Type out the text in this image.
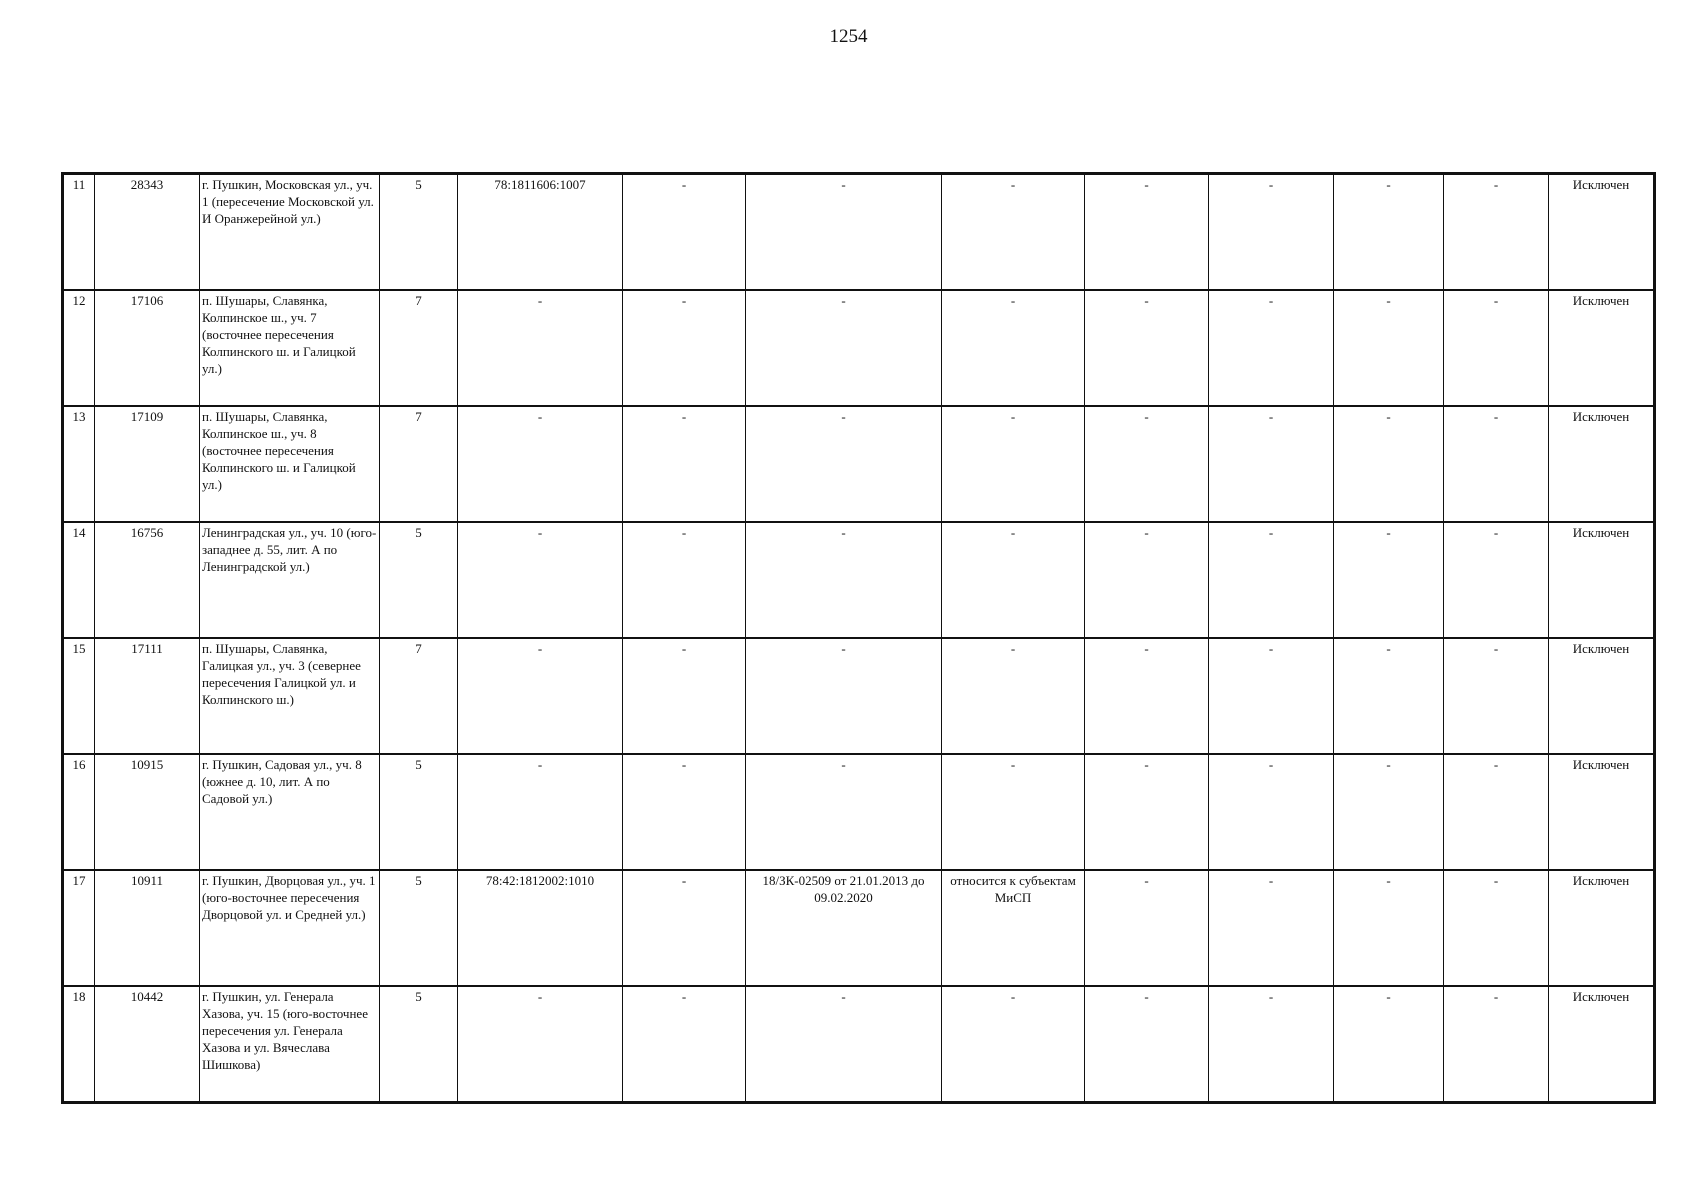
1254
11	28343	г. Пушкин, Московская ул., уч. 1 (пересечение Московской ул. И Оранжерейной ул.)	5	78:1811606:1007	-	-	-	-	-	-	-	Исключен
12	17106	п. Шушары, Славянка, Колпинское ш., уч. 7 (восточнее пересечения Колпинского ш. и Галицкой ул.)	7	-	-	-	-	-	-	-	-	Исключен
13	17109	п. Шушары, Славянка, Колпинское ш., уч. 8 (восточнее пересечения Колпинского ш. и Галицкой ул.)	7	-	-	-	-	-	-	-	-	Исключен
14	16756	Ленинградская ул., уч. 10 (юго-западнее д. 55, лит. А по Ленинградской ул.)	5	-	-	-	-	-	-	-	-	Исключен
15	17111	п. Шушары, Славянка, Галицкая ул., уч. 3 (севернее пересечения Галицкой ул. и Колпинского ш.)	7	-	-	-	-	-	-	-	-	Исключен
16	10915	г. Пушкин, Садовая ул., уч. 8 (южнее д. 10, лит. А по Садовой ул.)	5	-	-	-	-	-	-	-	-	Исключен
17	10911	г. Пушкин, Дворцовая ул., уч. 1 (юго-восточнее пересечения Дворцовой ул. и Средней ул.)	5	78:42:1812002:1010	-	18/ЗК-02509 от 21.01.2013 до 09.02.2020	относится к субъектам МиСП	-	-	-	-	Исключен
18	10442	г. Пушкин, ул. Генерала Хазова, уч. 15 (юго-восточнее пересечения ул. Генерала Хазова и ул. Вячеслава Шишкова)	5	-	-	-	-	-	-	-	-	Исключен
